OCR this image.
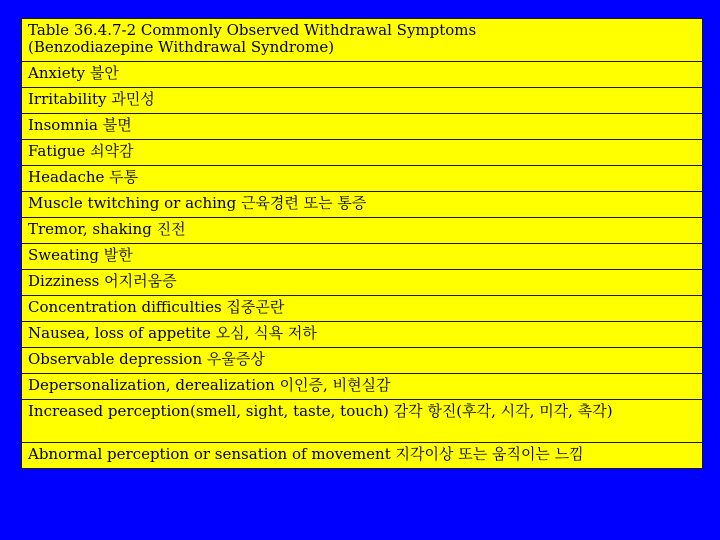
Table 36.4.7-2 Commonly Observed Withdrawal Symptoms
(Benzodiazepine Withdrawal Syndrome)

Anxiety 불안
Irritability 과민성
Insomnia 불면
Fatigue 쇠약감
Headache 두통
Muscle twitching or aching 근육경련 또는 통증
Tremor, shaking 진전
Sweating 발한
Dizziness 어지러움증
Concentration difficulties 집중곤란
Nausea, loss of appetite 오심, 식욕 저하
Observable depression 우울증상
Depersonalization, derealization 이인증, 비현실감
Increased perception(smell, sight, taste, touch) 감각 항진(후각, 시각, 미각, 촉각)
Abnormal perception or sensation of movement 지각이상 또는 움직이는 느낌
